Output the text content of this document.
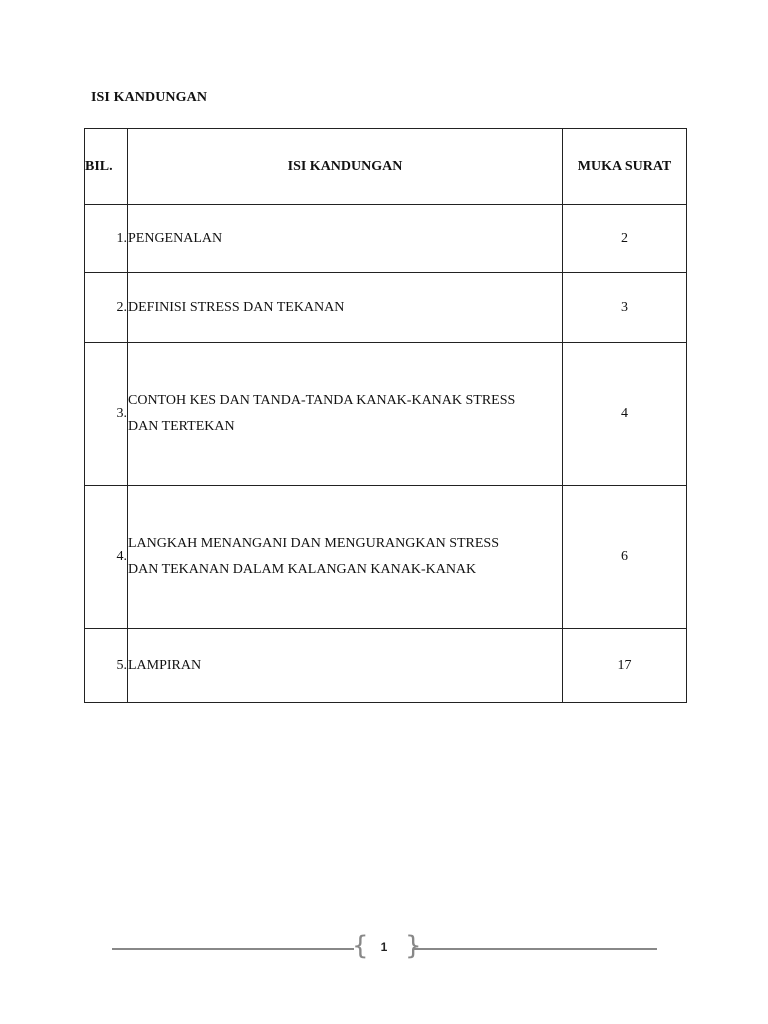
ISI KANDUNGAN
BIL.	ISI KANDUNGAN	MUKA SURAT
1.	PENGENALAN	2
2.	DEFINISI STRESS DAN TEKANAN	3
3.	CONTOH KES DAN TANDA-TANDA KANAK-KANAK STRESS
DAN TERTEKAN	4
4.	LANGKAH MENANGANI DAN MENGURANGKAN STRESS
DAN TEKANAN DALAM KALANGAN KANAK-KANAK	6
5.	LAMPIRAN	17
{	1 }
